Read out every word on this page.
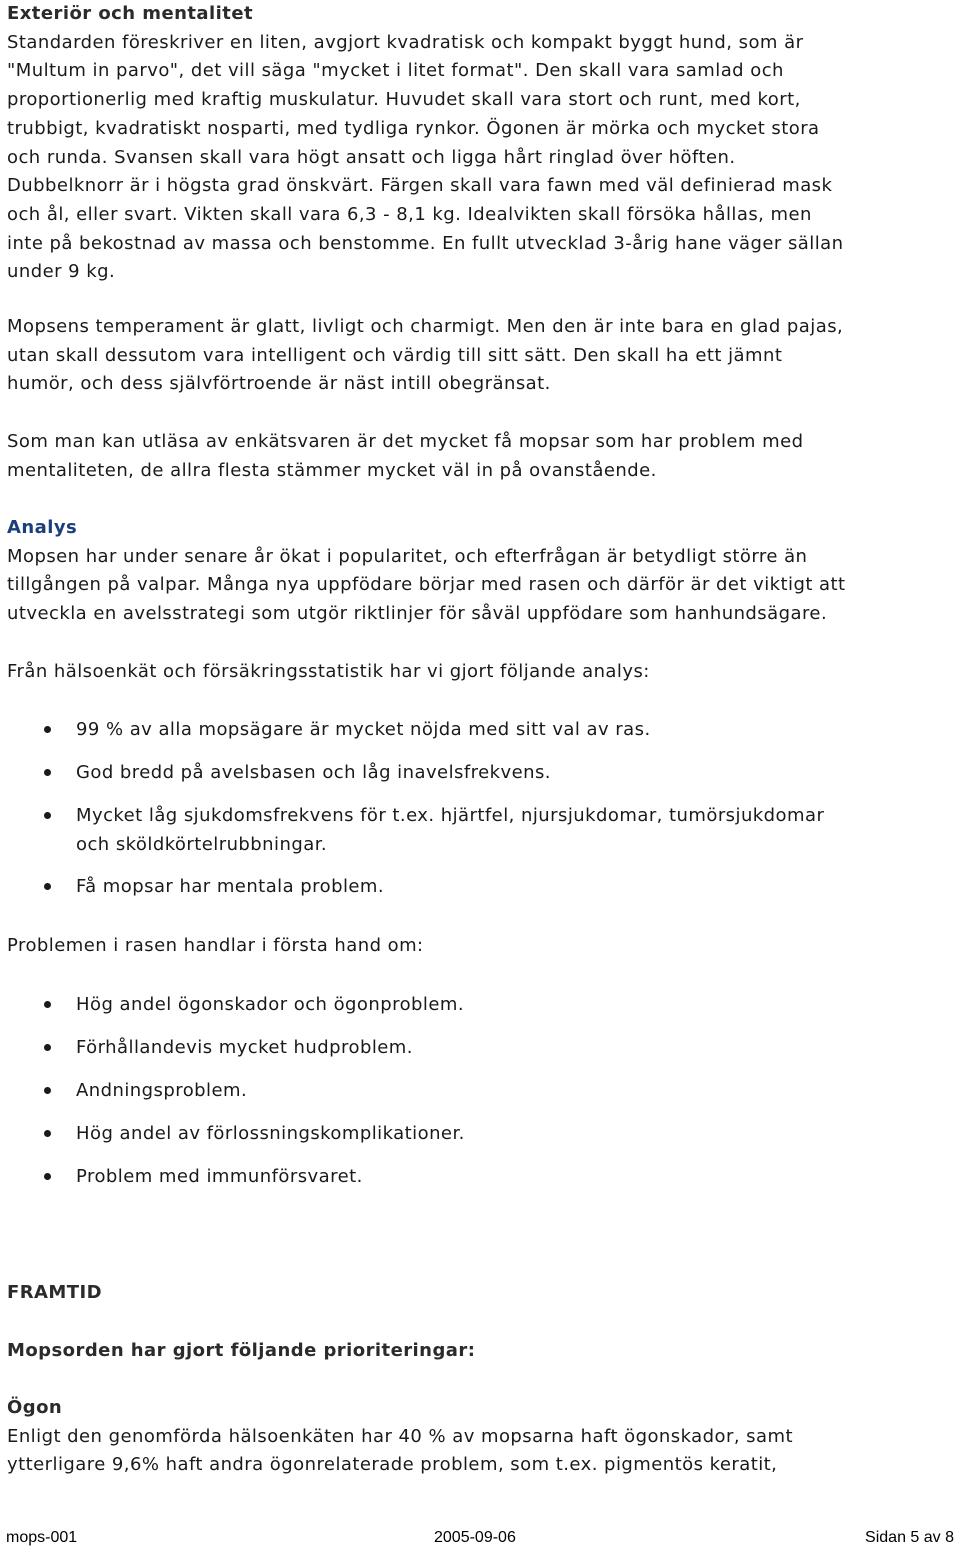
Exteriör och mentalitet
Standarden föreskriver en liten, avgjort kvadratisk och kompakt byggt hund, som är
"Multum in parvo", det vill säga "mycket i litet format". Den skall vara samlad och
proportionerlig med kraftig muskulatur. Huvudet skall vara stort och runt, med kort,
trubbigt, kvadratiskt nosparti, med tydliga rynkor. Ögonen är mörka och mycket stora
och runda. Svansen skall vara högt ansatt och ligga hårt ringlad över höften.
Dubbelknorr är i högsta grad önskvärt. Färgen skall vara fawn med väl definierad mask
och ål, eller svart. Vikten skall vara 6,3 - 8,1 kg. Idealvikten skall försöka hållas, men
inte på bekostnad av massa och benstomme. En fullt utvecklad 3-årig hane väger sällan
under 9 kg.
Mopsens temperament är glatt, livligt och charmigt. Men den är inte bara en glad pajas,
utan skall dessutom vara intelligent och värdig till sitt sätt. Den skall ha ett jämnt
humör, och dess självförtroende är näst intill obegränsat.
Som man kan utläsa av enkätsvaren är det mycket få mopsar som har problem med
mentaliteten, de allra flesta stämmer mycket väl in på ovanstående.
Analys
Mopsen har under senare år ökat i popularitet, och efterfrågan är betydligt större än
tillgången på valpar. Många nya uppfödare börjar med rasen och därför är det viktigt att
utveckla en avelsstrategi som utgör riktlinjer för såväl uppfödare som hanhundsägare.
Från hälsoenkät och försäkringsstatistik har vi gjort följande analys:
99 % av alla mopsägare är mycket nöjda med sitt val av ras.
God bredd på avelsbasen och låg inavelsfrekvens.
Mycket låg sjukdomsfrekvens för t.ex. hjärtfel, njursjukdomar, tumörsjukdomar
och sköldkörtelrubbningar.
Få mopsar har mentala problem.
Problemen i rasen handlar i första hand om:
Hög andel ögonskador och ögonproblem.
Förhållandevis mycket hudproblem.
Andningsproblem.
Hög andel av förlossningskomplikationer.
Problem med immunförsvaret.
FRAMTID
Mopsorden har gjort följande prioriteringar:
Ögon
Enligt den genomförda hälsoenkäten har 40 % av mopsarna haft ögonskador, samt
ytterligare 9,6% haft andra ögonrelaterade problem, som t.ex. pigmentös keratit,
mops-001	2005-09-06	Sidan 5 av 8
